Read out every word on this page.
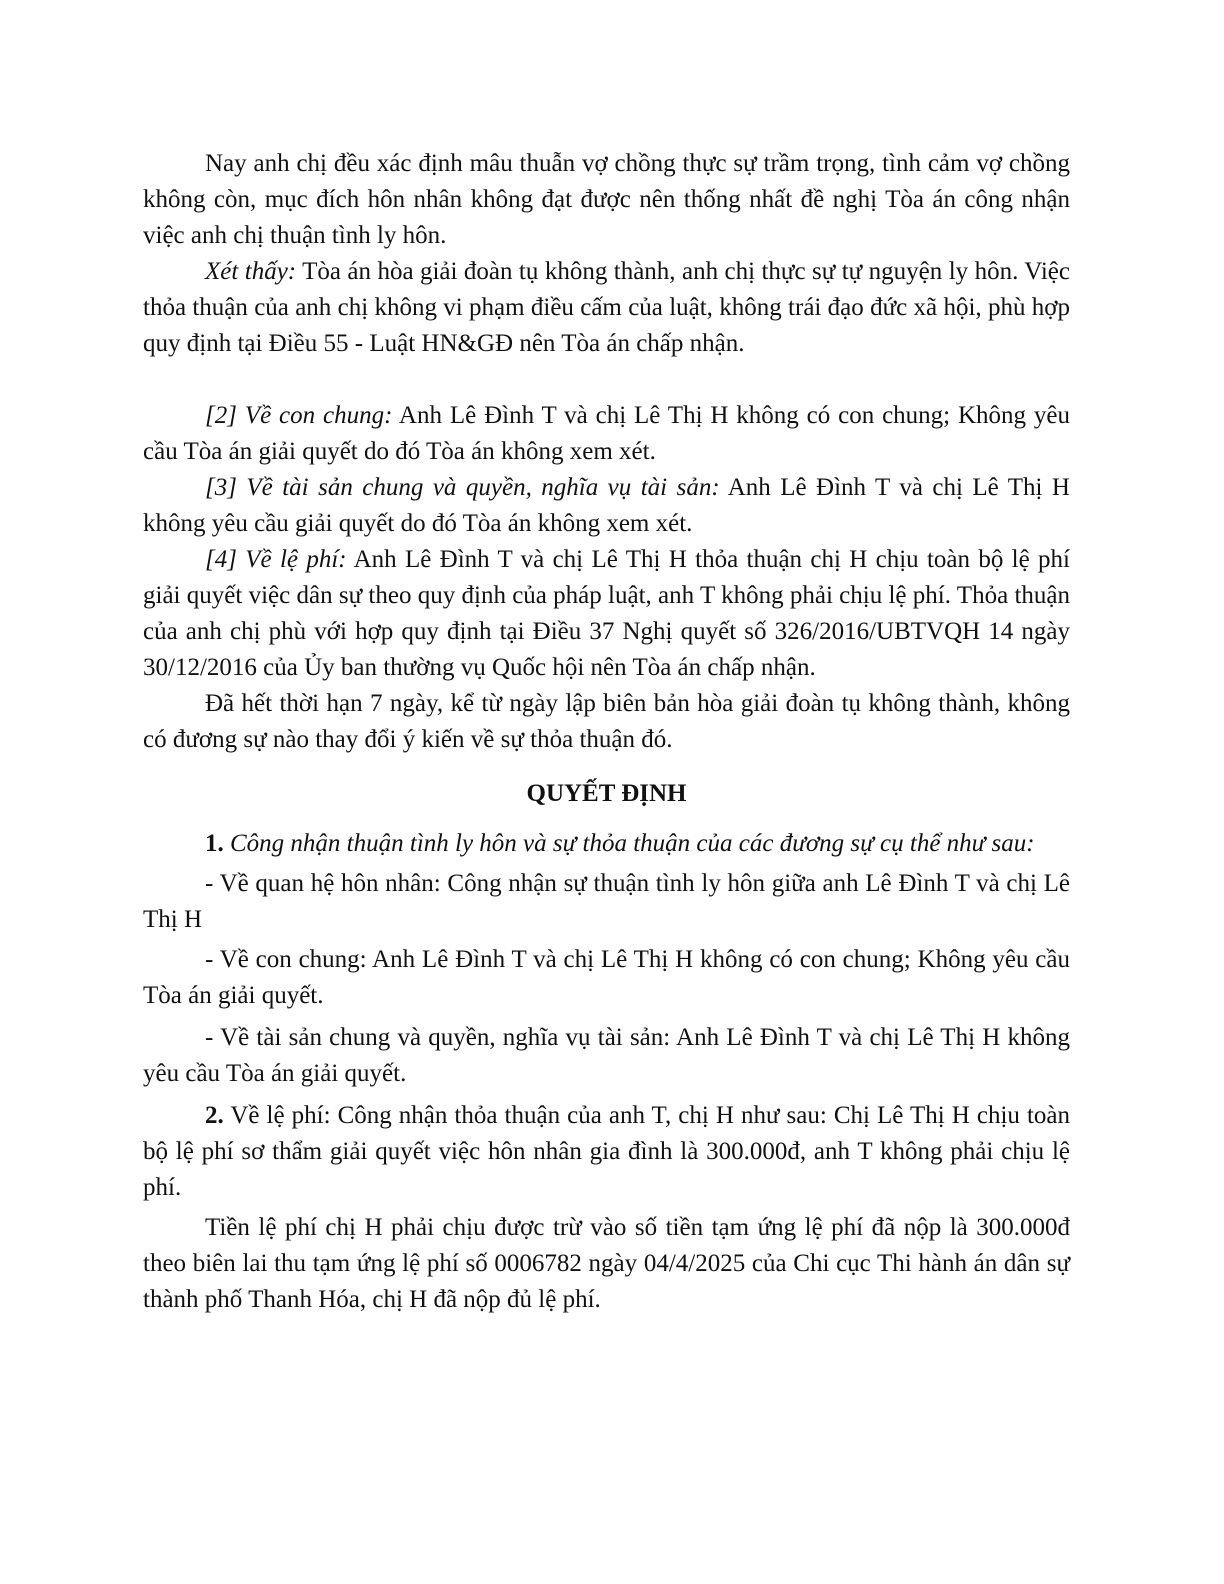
Nay anh chị đều xác định mâu thuẫn vợ chồng thực sự trầm trọng, tình cảm vợ chồng không còn, mục đích hôn nhân không đạt được nên thống nhất đề nghị Tòa án công nhận việc anh chị thuận tình ly hôn.

Xét thấy: Tòa án hòa giải đoàn tụ không thành, anh chị thực sự tự nguyện ly hôn. Việc thỏa thuận của anh chị không vi phạm điều cấm của luật, không trái đạo đức xã hội, phù hợp quy định tại Điều 55 - Luật HN&GĐ nên Tòa án chấp nhận.

[2] Về con chung: Anh Lê Đình T và chị Lê Thị H không có con chung; Không yêu cầu Tòa án giải quyết do đó Tòa án không xem xét.

[3] Về tài sản chung và quyền, nghĩa vụ tài sản: Anh Lê Đình T và chị Lê Thị H không yêu cầu giải quyết do đó Tòa án không xem xét.

[4] Về lệ phí: Anh Lê Đình T và chị Lê Thị H thỏa thuận chị H chịu toàn bộ lệ phí giải quyết việc dân sự theo quy định của pháp luật, anh T không phải chịu lệ phí. Thỏa thuận của anh chị phù với hợp quy định tại Điều 37 Nghị quyết số 326/2016/UBTVQH 14 ngày 30/12/2016 của Ủy ban thường vụ Quốc hội nên Tòa án chấp nhận.

Đã hết thời hạn 7 ngày, kể từ ngày lập biên bản hòa giải đoàn tụ không thành, không có đương sự nào thay đổi ý kiến về sự thỏa thuận đó.

QUYẾT ĐỊNH

1. Công nhận thuận tình ly hôn và sự thỏa thuận của các đương sự cụ thể như sau:

- Về quan hệ hôn nhân: Công nhận sự thuận tình ly hôn giữa anh Lê Đình T và chị Lê Thị H

- Về con chung: Anh Lê Đình T và chị Lê Thị H không có con chung; Không yêu cầu Tòa án giải quyết.

- Về tài sản chung và quyền, nghĩa vụ tài sản: Anh Lê Đình T và chị Lê Thị H không yêu cầu Tòa án giải quyết.

2. Về lệ phí: Công nhận thỏa thuận của anh T, chị H như sau: Chị Lê Thị H chịu toàn bộ lệ phí sơ thẩm giải quyết việc hôn nhân gia đình là 300.000đ, anh T không phải chịu lệ phí.

Tiền lệ phí chị H phải chịu được trừ vào số tiền tạm ứng lệ phí đã nộp là 300.000đ theo biên lai thu tạm ứng lệ phí số 0006782 ngày 04/4/2025 của Chi cục Thi hành án dân sự thành phố Thanh Hóa, chị H đã nộp đủ lệ phí.
